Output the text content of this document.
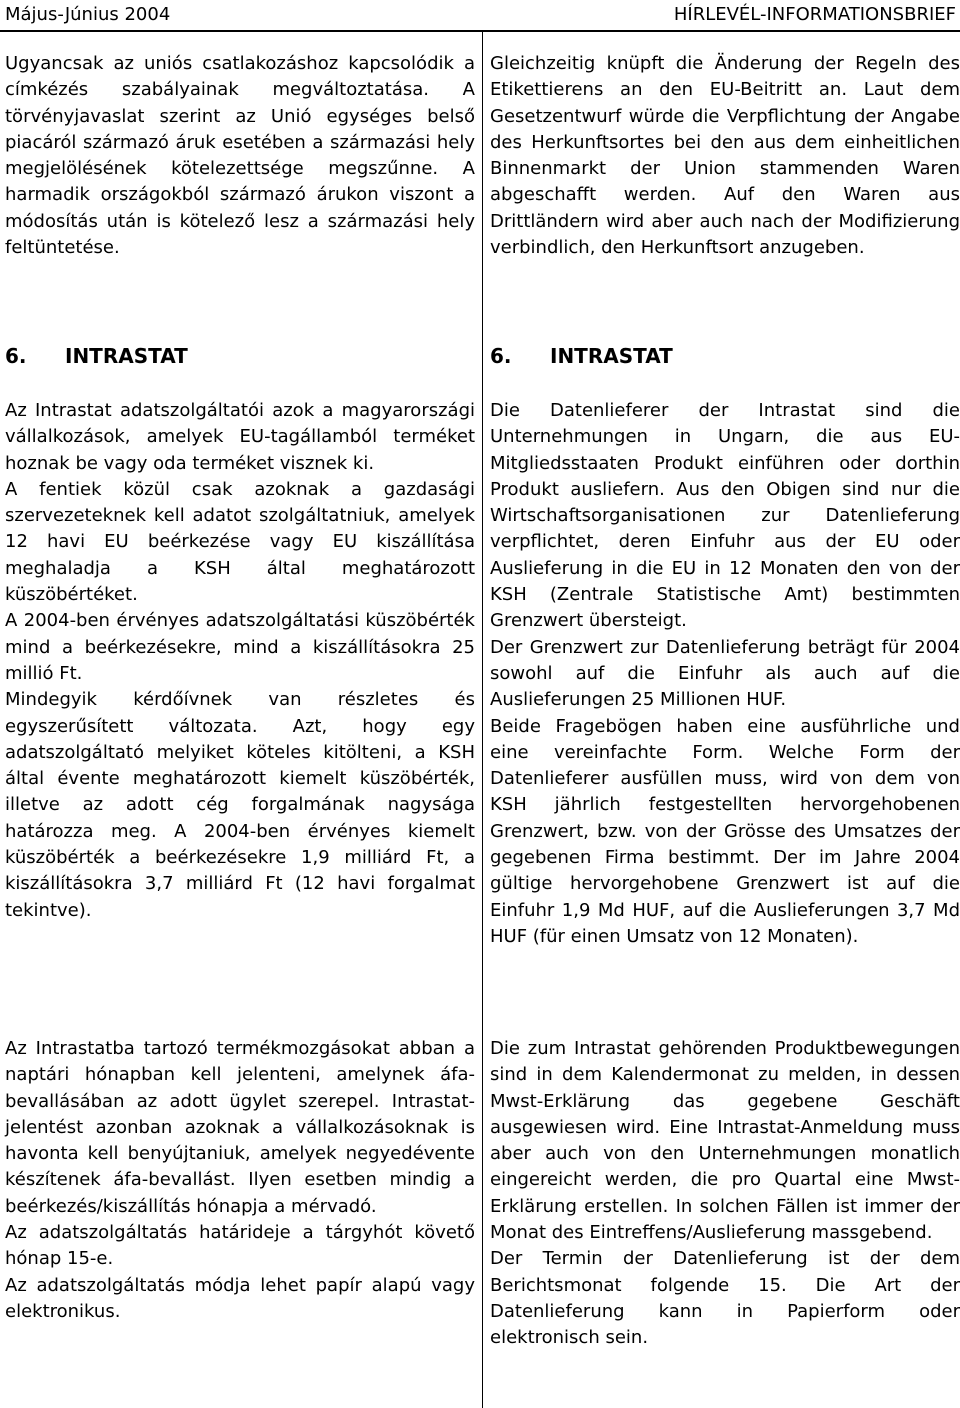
Május-Június 2004	HÍRLEVÉL-INFORMATIONSBRIEF

Ugyancsak az uniós csatlakozáshoz kapcsolódik a címkézés szabályainak megváltoztatása. A törvényjavaslat szerint az Unió egységes belső piacáról származó áruk esetében a származási hely megjelölésének kötelezettsége megszűnne. A harmadik országokból származó árukon viszont a módosítás után is kötelező lesz a származási hely feltüntetése.

6. INTRASTAT

Az Intrastat adatszolgáltatói azok a magyarországi vállalkozások, amelyek EU-tagállamból terméket hoznak be vagy oda terméket visznek ki.

A fentiek közül csak azoknak a gazdasági szervezeteknek kell adatot szolgáltatniuk, amelyek 12 havi EU beérkezése vagy EU kiszállítása meghaladja a KSH által meghatározott küszöbértéket.

A 2004-ben érvényes adatszolgáltatási küszöbérték mind a beérkezésekre, mind a kiszállításokra 25 millió Ft.

Mindegyik kérdőívnek van részletes és egyszerűsített változata. Azt, hogy egy adatszolgáltató melyiket köteles kitölteni, a KSH által évente meghatározott kiemelt küszöbérték, illetve az adott cég forgalmának nagysága határozza meg. A 2004-ben érvényes kiemelt küszöbérték a beérkezésekre 1,9 milliárd Ft, a kiszállításokra 3,7 milliárd Ft (12 havi forgalmat tekintve).

Az Intrastatba tartozó termékmozgásokat abban a naptári hónapban kell jelenteni, amelynek áfa-bevallásában az adott ügylet szerepel. Intrastat-jelentést azonban azoknak a vállalkozásoknak is havonta kell benyújtaniuk, amelyek negyedévente készítenek áfa-bevallást. Ilyen esetben mindig a beérkezés/kiszállítás hónapja a mérvadó.

Az adatszolgáltatás határideje a tárgyhót követő hónap 15-e.

Az adatszolgáltatás módja lehet papír alapú vagy elektronikus.

Gleichzeitig knüpft die Änderung der Regeln des Etikettierens an den EU-Beitritt an. Laut dem Gesetzentwurf würde die Verpflichtung der Angabe des Herkunftsortes bei den aus dem einheitlichen Binnenmarkt der Union stammenden Waren abgeschafft werden. Auf den Waren aus Drittländern wird aber auch nach der Modifizierung verbindlich, den Herkunftsort anzugeben.

6. INTRASTAT

Die Datenlieferer der Intrastat sind die Unternehmungen in Ungarn, die aus EU-Mitgliedsstaaten Produkt einführen oder dorthin Produkt ausliefern. Aus den Obigen sind nur die Wirtschaftsorganisationen zur Datenlieferung verpflichtet, deren Einfuhr aus der EU oder Auslieferung in die EU in 12 Monaten den von der KSH (Zentrale Statistische Amt) bestimmten Grenzwert übersteigt.

Der Grenzwert zur Datenlieferung beträgt für 2004 sowohl auf die Einfuhr als auch auf die Auslieferungen 25 Millionen HUF.

Beide Fragebögen haben eine ausführliche und eine vereinfachte Form. Welche Form der Datenlieferer ausfüllen muss, wird von dem von KSH jährlich festgestellten hervorgehobenen Grenzwert, bzw. von der Grösse des Umsatzes der gegebenen Firma bestimmt. Der im Jahre 2004 gültige hervorgehobene Grenzwert ist auf die Einfuhr 1,9 Md HUF, auf die Auslieferungen 3,7 Md HUF (für einen Umsatz von 12 Monaten).

Die zum Intrastat gehörenden Produktbewegungen sind in dem Kalendermonat zu melden, in dessen Mwst-Erklärung das gegebene Geschäft ausgewiesen wird. Eine Intrastat-Anmeldung muss aber auch von den Unternehmungen monatlich eingereicht werden, die pro Quartal eine Mwst-Erklärung erstellen. In solchen Fällen ist immer der Monat des Eintreffens/Auslieferung massgebend.

Der Termin der Datenlieferung ist der dem Berichtsmonat folgende 15. Die Art der Datenlieferung kann in Papierform oder elektronisch sein.
